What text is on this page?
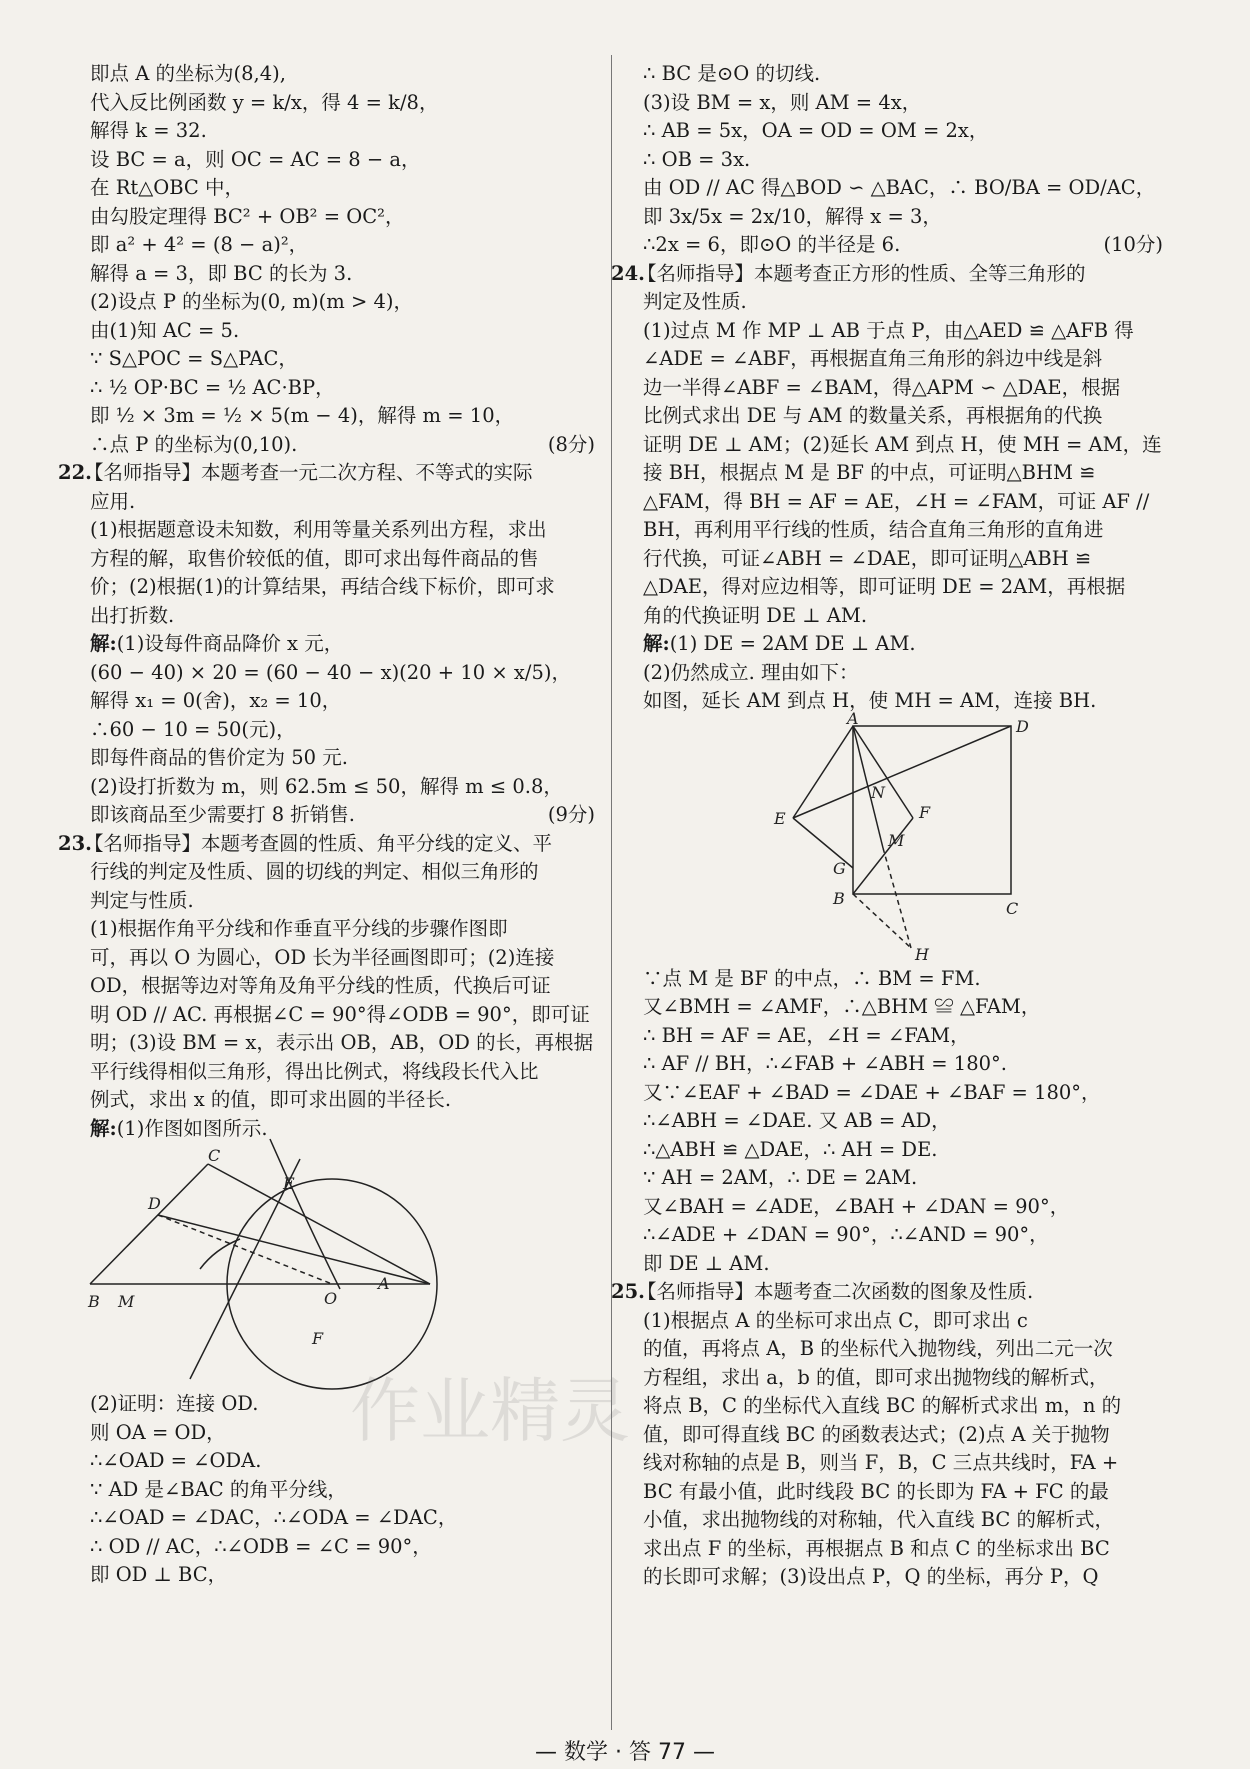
即点 A 的坐标为(8,4),
代入反比例函数 y = k/x，得 4 = k/8，
解得 k = 32.
设 BC = a，则 OC = AC = 8 − a，
在 Rt△OBC 中，
由勾股定理得 BC² + OB² = OC²，
即 a² + 4² = (8 − a)²，
解得 a = 3，即 BC 的长为 3.
(2)设点 P 的坐标为(0, m)(m > 4)，
由(1)知 AC = 5.
∵ S△POC = S△PAC，
∴ ½ OP·BC = ½ AC·BP，
即 ½ × 3m = ½ × 5(m − 4)，解得 m = 10，
∴点 P 的坐标为(0,10).	(8分)
22.【名师指导】本题考查一元二次方程、不等式的实际
应用.
(1)根据题意设未知数，利用等量关系列出方程，求出
方程的解，取售价较低的值，即可求出每件商品的售
价；(2)根据(1)的计算结果，再结合线下标价，即可求
出打折数.
解:(1)设每件商品降价 x 元，
(60 − 40) × 20 = (60 − 40 − x)(20 + 10 × x/5)，
解得 x₁ = 0(舍)，x₂ = 10，
∴60 − 10 = 50(元)，
即每件商品的售价定为 50 元.
(2)设打折数为 m，则 62.5m ≤ 50，解得 m ≤ 0.8，
即该商品至少需要打 8 折销售.	(9分)
23.【名师指导】本题考查圆的性质、角平分线的定义、平
行线的判定及性质、圆的切线的判定、相似三角形的
判定与性质.
(1)根据作角平分线和作垂直平分线的步骤作图即
可，再以 O 为圆心，OD 长为半径画图即可；(2)连接
OD，根据等边对等角及角平分线的性质，代换后可证
明 OD // AC. 再根据∠C = 90°得∠ODB = 90°，即可证
明；(3)设 BM = x，表示出 OB，AB，OD 的长，再根据
平行线得相似三角形，得出比例式，将线段长代入比
例式，求出 x 的值，即可求出圆的半径长.
解:(1)作图如图所示.
C
D
E
B M	O
A
F
(2)证明：连接 OD.
则 OA = OD，
∴∠OAD = ∠ODA.
∵ AD 是∠BAC 的角平分线，
∴∠OAD = ∠DAC，∴∠ODA = ∠DAC，
∴ OD // AC，∴∠ODB = ∠C = 90°，
即 OD ⊥ BC，
∴ BC 是⊙O 的切线.
(3)设 BM = x，则 AM = 4x，
∴ AB = 5x，OA = OD = OM = 2x，
∴ OB = 3x.
由 OD // AC 得△BOD ∽ △BAC，∴ BO/BA = OD/AC，
即 3x/5x = 2x/10，解得 x = 3，
∴2x = 6，即⊙O 的半径是 6.	(10分)
24.【名师指导】本题考查正方形的性质、全等三角形的
判定及性质.
(1)过点 M 作 MP ⊥ AB 于点 P，由△AED ≌ △AFB 得
∠ADE = ∠ABF，再根据直角三角形的斜边中线是斜
边一半得∠ABF = ∠BAM，得△APM ∽ △DAE，根据
比例式求出 DE 与 AM 的数量关系，再根据角的代换
证明 DE ⊥ AM；(2)延长 AM 到点 H，使 MH = AM，连
接 BH，根据点 M 是 BF 的中点，可证明△BHM ≌
△FAM，得 BH = AF = AE，∠H = ∠FAM，可证 AF //
BH，再利用平行线的性质，结合直角三角形的直角进
行代换，可证∠ABH = ∠DAE，即可证明△ABH ≌
△DAE，得对应边相等，即可证明 DE = 2AM，再根据
角的代换证明 DE ⊥ AM.
解:(1) DE = 2AM DE ⊥ AM.
(2)仍然成立. 理由如下：
如图，延长 AM 到点 H，使 MH = AM，连接 BH.
A	D
N
E	F
M
G
B
C
H
∵点 M 是 BF 的中点，∴ BM = FM.
又∠BMH = ∠AMF，∴△BHM ≌ △FAM，
∴ BH = AF = AE，∠H = ∠FAM，
∴ AF // BH，∴∠FAB + ∠ABH = 180°.
又∵∠EAF + ∠BAD = ∠DAE + ∠BAF = 180°，
∴∠ABH = ∠DAE. 又 AB = AD，
∴△ABH ≌ △DAE，∴ AH = DE.
∵ AH = 2AM，∴ DE = 2AM.
又∠BAH = ∠ADE，∠BAH + ∠DAN = 90°，
∴∠ADE + ∠DAN = 90°，∴∠AND = 90°，
即 DE ⊥ AM.
25.【名师指导】本题考查二次函数的图象及性质.
(1)根据点 A 的坐标可求出点 C，即可求出 c
的值，再将点 A，B 的坐标代入抛物线，列出二元一次
方程组，求出 a，b 的值，即可求出抛物线的解析式，
将点 B，C 的坐标代入直线 BC 的解析式求出 m，n 的
值，即可得直线 BC 的函数表达式；(2)点 A 关于抛物
线对称轴的点是 B，则当 F，B，C 三点共线时，FA +
BC 有最小值，此时线段 BC 的长即为 FA + FC 的最
小值，求出抛物线的对称轴，代入直线 BC 的解析式，
求出点 F 的坐标，再根据点 B 和点 C 的坐标求出 BC
的长即可求解；(3)设出点 P，Q 的坐标，再分 P，Q
作业精灵
— 数学 · 答 77 —
